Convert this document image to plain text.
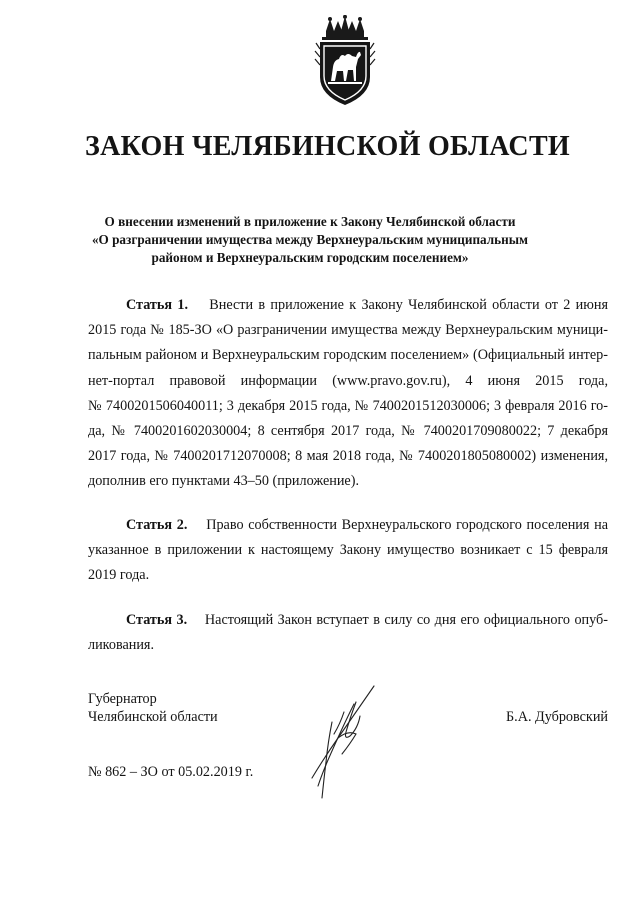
ЗАКОН ЧЕЛЯБИНСКОЙ ОБЛАСТИ
О внесении изменений в приложение к Закону Челябинской области
«О разграничении имущества между Верхнеуральским муниципальным
районом и Верхнеуральским городским поселением»
Статья 1. Внести в приложение к Закону Челябинской области от 2 июня
2015 года № 185-ЗО «О разграничении имущества между Верхнеуральским муници-
пальным районом и Верхнеуральским городским поселением» (Официальный интер-
нет-портал правовой информации (www.pravo.gov.ru), 4 июня 2015 года,
№ 7400201506040011; 3 декабря 2015 года, № 7400201512030006; 3 февраля 2016 го-
да, № 7400201602030004; 8 сентября 2017 года, № 7400201709080022; 7 декабря
2017 года, № 7400201712070008; 8 мая 2018 года, № 7400201805080002) изменения,
дополнив его пунктами 43–50 (приложение).
Статья 2. Право собственности Верхнеуральского городского поселения на
указанное в приложении к настоящему Закону имущество возникает с 15 февраля
2019 года.
Статья 3. Настоящий Закон вступает в силу со дня его официального опуб-
ликования.
Губернатор
Челябинской области	Б.А. Дубровский
№ 862 – ЗО от 05.02.2019 г.
